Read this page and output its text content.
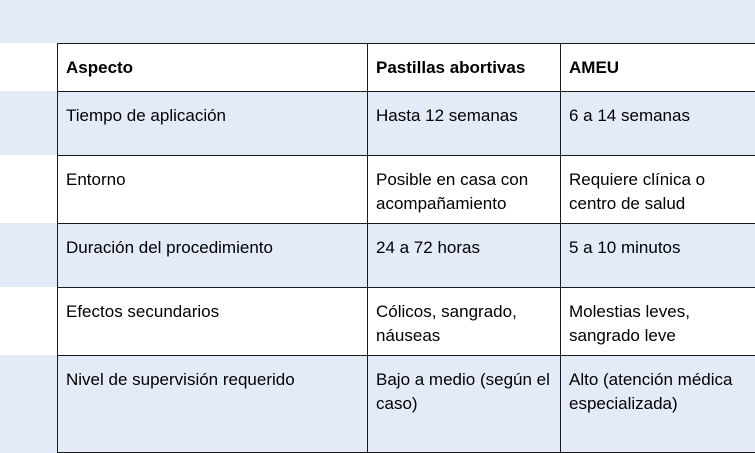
Aspecto	Pastillas abortivas	AMEU
Tiempo de aplicación	Hasta 12 semanas	6 a 14 semanas
Entorno	Posible en casa con acompañamiento	Requiere clínica o centro de salud
Duración del procedimiento	24 a 72 horas	5 a 10 minutos
Efectos secundarios	Cólicos, sangrado, náuseas	Molestias leves, sangrado leve
Nivel de supervisión requerido	Bajo a medio (según el caso)	Alto (atención médica especializada)
